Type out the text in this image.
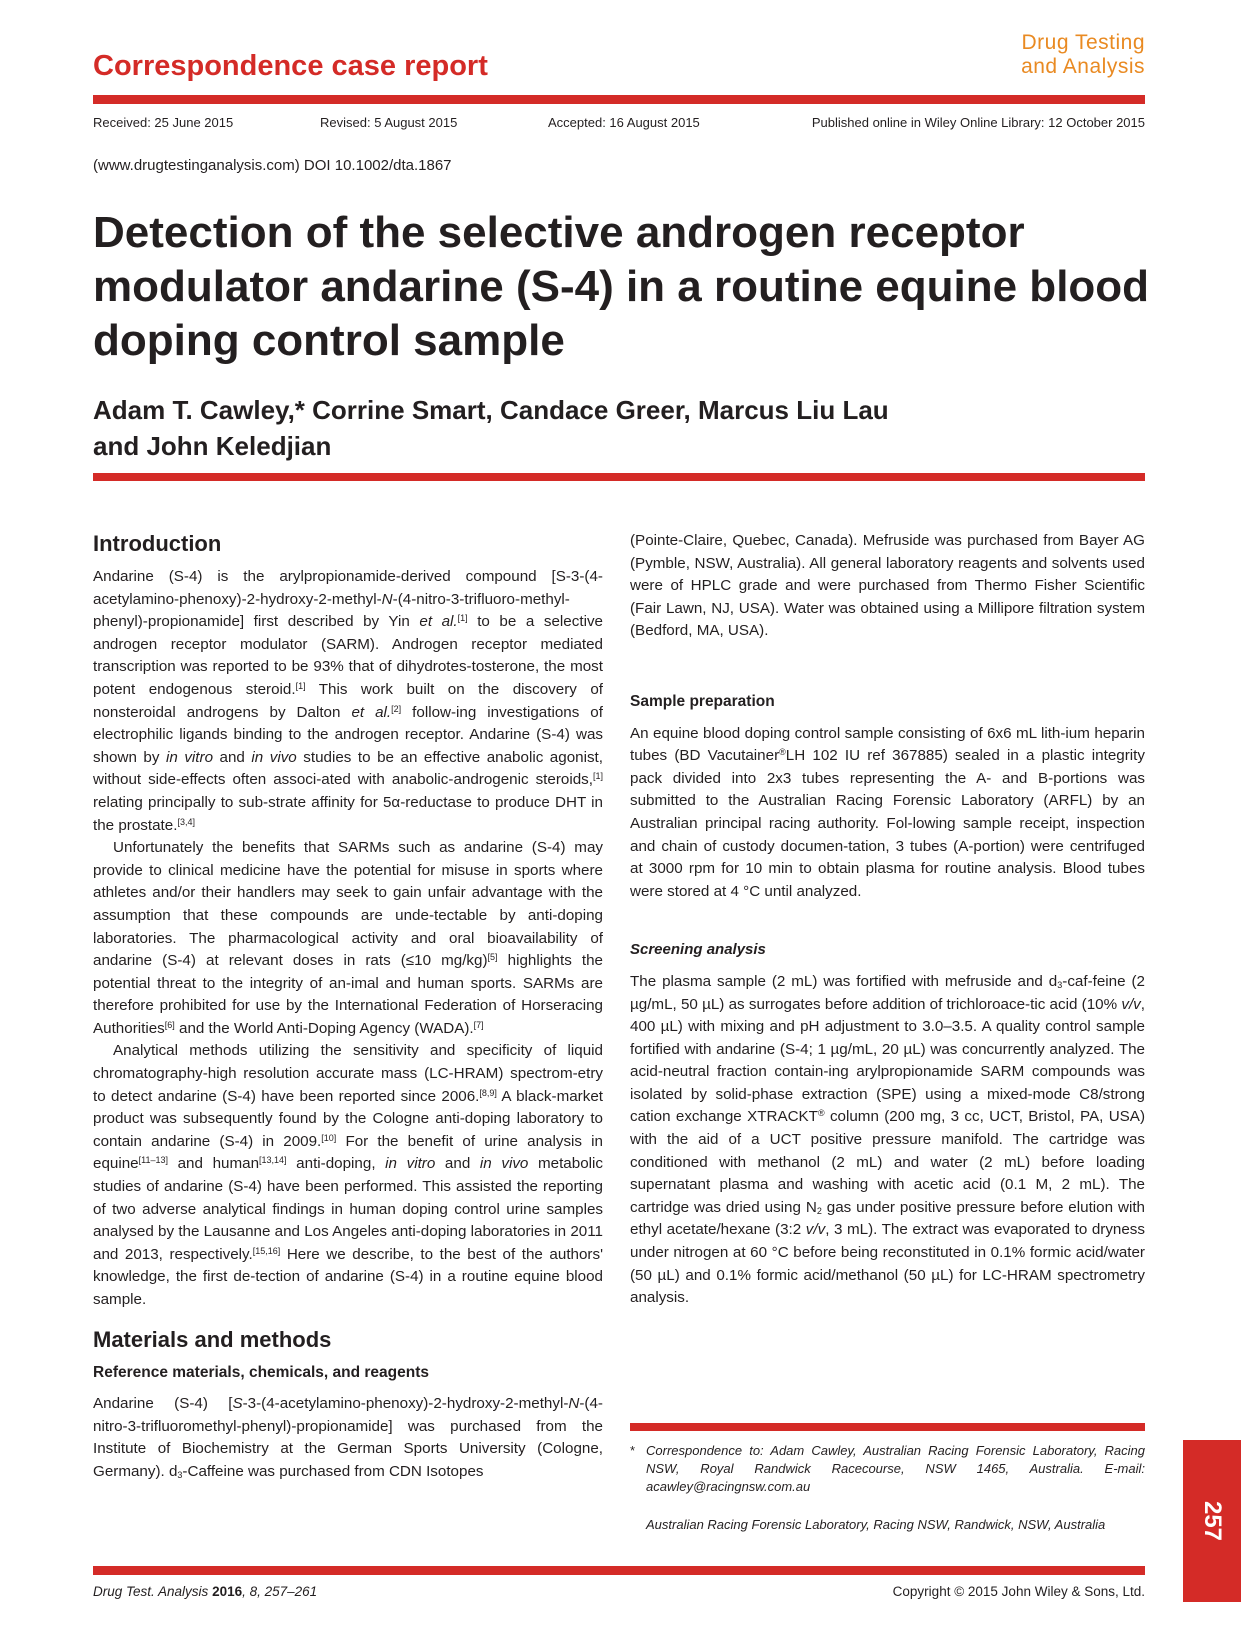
Correspondence case report
Drug Testing
and Analysis
Received: 25 June 2015	Revised: 5 August 2015	Accepted: 16 August 2015	Published online in Wiley Online Library: 12 October 2015
(www.drugtestinganalysis.com) DOI 10.1002/dta.1867
Detection of the selective androgen receptor modulator andarine (S-4) in a routine equine blood doping control sample
Adam T. Cawley,* Corrine Smart, Candace Greer, Marcus Liu Lau
and John Keledjian
Introduction

Andarine (S-4) is the arylpropionamide-derived compound [S-3-(4-acetylamino-phenoxy)-2-hydroxy-2-methyl-N-(4-nitro-3-trifluoro-methyl-phenyl)-propionamide] first described by Yin et al.[1] to be a selective androgen receptor modulator (SARM). Androgen receptor mediated transcription was reported to be 93% that of dihydrotes-tosterone, the most potent endogenous steroid.[1] This work built on the discovery of nonsteroidal androgens by Dalton et al.[2] follow-ing investigations of electrophilic ligands binding to the androgen receptor. Andarine (S-4) was shown by in vitro and in vivo studies to be an effective anabolic agonist, without side-effects often associ-ated with anabolic-androgenic steroids,[1] relating principally to sub-strate affinity for 5α-reductase to produce DHT in the prostate.[3,4]

Unfortunately the benefits that SARMs such as andarine (S-4) may provide to clinical medicine have the potential for misuse in sports where athletes and/or their handlers may seek to gain unfair advantage with the assumption that these compounds are unde-tectable by anti-doping laboratories. The pharmacological activity and oral bioavailability of andarine (S-4) at relevant doses in rats (≤10 mg/kg)[5] highlights the potential threat to the integrity of an-imal and human sports. SARMs are therefore prohibited for use by the International Federation of Horseracing Authorities[6] and the World Anti-Doping Agency (WADA).[7]

Analytical methods utilizing the sensitivity and specificity of liquid chromatography-high resolution accurate mass (LC-HRAM) spectrom-etry to detect andarine (S-4) have been reported since 2006.[8,9] A black-market product was subsequently found by the Cologne anti-doping laboratory to contain andarine (S-4) in 2009.[10] For the benefit of urine analysis in equine[11–13] and human[13,14] anti-doping, in vitro and in vivo metabolic studies of andarine (S-4) have been performed. This assisted the reporting of two adverse analytical findings in human doping control urine samples analysed by the Lausanne and Los Angeles anti-doping laboratories in 2011 and 2013, respectively.[15,16] Here we describe, to the best of the authors' knowledge, the first de-tection of andarine (S-4) in a routine equine blood sample.

Materials and methods
Reference materials, chemicals, and reagents

Andarine (S-4) [S-3-(4-acetylamino-phenoxy)-2-hydroxy-2-methyl-N-(4-nitro-3-trifluoromethyl-phenyl)-propionamide] was purchased from the Institute of Biochemistry at the German Sports University (Cologne, Germany). $d_3$-Caffeine was purchased from CDN Isotopes

(Pointe-Claire, Quebec, Canada). Mefruside was purchased from Bayer AG (Pymble, NSW, Australia). All general laboratory reagents and solvents used were of HPLC grade and were purchased from Thermo Fisher Scientific (Fair Lawn, NJ, USA). Water was obtained using a Millipore filtration system (Bedford, MA, USA).

Sample preparation

An equine blood doping control sample consisting of 6x6 mL lith-ium heparin tubes (BD Vacutainer®LH 102 IU ref 367885) sealed in a plastic integrity pack divided into 2x3 tubes representing the A- and B-portions was submitted to the Australian Racing Forensic Laboratory (ARFL) by an Australian principal racing authority. Fol-lowing sample receipt, inspection and chain of custody documen-tation, 3 tubes (A-portion) were centrifuged at 3000 rpm for 10 min to obtain plasma for routine analysis. Blood tubes were stored at 4 °C until analyzed.

Screening analysis

The plasma sample (2 mL) was fortified with mefruside and $d_3-caf$-feine (2 µg/mL, 50 µL) as surrogates before addition of trichloroace-tic acid (10% v/v, 400 µL) with mixing and pH adjustment to 3.0–3.5. A quality control sample fortified with andarine (S-4; 1 µg/mL, 20 µL) was concurrently analyzed. The acid-neutral fraction contain-ing arylpropionamide SARM compounds was isolated by solid-phase extraction (SPE) using a mixed-mode C8/strong cation exchange XTRACKT® column (200 mg, 3 cc, UCT, Bristol, PA, USA) with the aid of a UCT positive pressure manifold. The cartridge was conditioned with methanol (2 mL) and water (2 mL) before loading supernatant plasma and washing with acetic acid (0.1 M, 2 mL). The cartridge was dried using $N_2$ gas under positive pressure before elution with ethyl acetate/hexane (3:2 v/v, 3 mL). The extract was evaporated to dryness under nitrogen at 60 °C before being reconstituted in 0.1% formic acid/water (50 µL) and 0.1% formic acid/methanol (50 µL) for LC-HRAM spectrometry analysis.

* Correspondence to: Adam Cawley, Australian Racing Forensic Laboratory, Racing NSW, Royal Randwick Racecourse, NSW 1465, Australia. E-mail: acawley@racingnsw.com.au
Australian Racing Forensic Laboratory, Racing NSW, Randwick, NSW, Australia	257
Drug Test. Analysis 2016, 8, 257–261	Copyright © 2015 John Wiley & Sons, Ltd.
